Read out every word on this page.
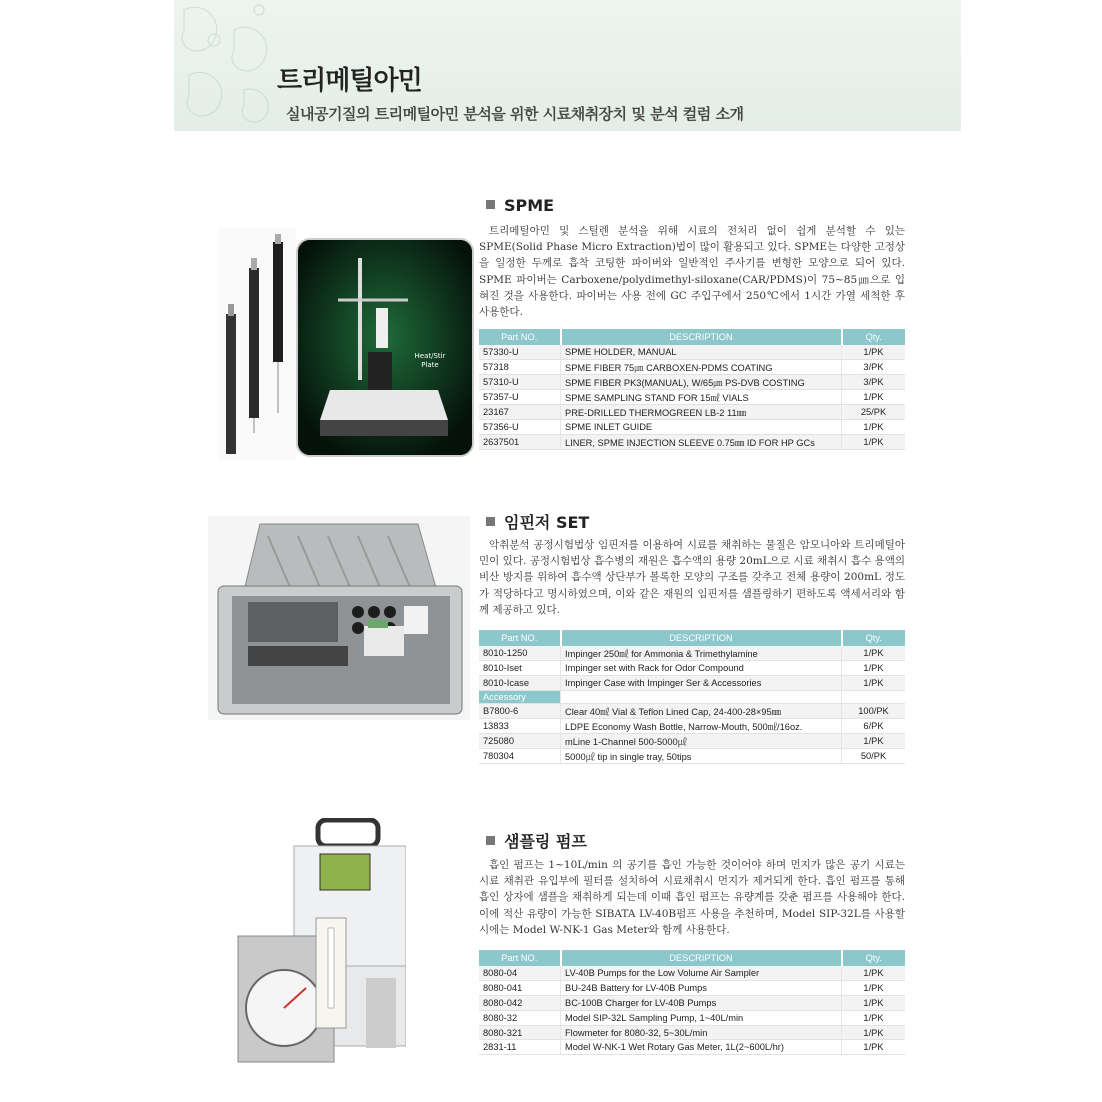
트리메틸아민
실내공기질의 트리메틸아민 분석을 위한 시료채취장치 및 분석 컬럼 소개
Heat/Stir Plate
SPME
트리메틸아민 및 스틸렌 분석을 위해 시료의 전처리 없이 쉽게 분석할 수 있는 SPME(Solid Phase Micro Extraction)법이 많이 활용되고 있다. SPME는 다양한 고정상을 일정한 두께로 흡착 코팅한 파이버와 일반적인 주사기를 변형한 모양으로 되어 있다. SPME 파이버는 Carboxene/polydimethyl-siloxane(CAR/PDMS)이 75~85㎛으로 입혀진 것을 사용한다. 파이버는 사용 전에 GC 주입구에서 250℃에서 1시간 가열 세척한 후 사용한다.
Part NO.	DESCRIPTION	Qty.
57330-U	SPME HOLDER, MANUAL	1/PK
57318	SPME FIBER 75㎛ CARBOXEN-PDMS COATING	3/PK
57310-U	SPME FIBER PK3(MANUAL), W/65㎛ PS-DVB COSTING	3/PK
57357-U	SPME SAMPLING STAND FOR 15㎖ VIALS	1/PK
23167	PRE-DRILLED THERMOGREEN LB-2 11㎜	25/PK
57356-U	SPME INLET GUIDE	1/PK
2637501	LINER, SPME INJECTION SLEEVE 0.75㎜ ID FOR HP GCs	1/PK
임핀저 SET
악취분석 공정시험법상 임핀저를 이용하여 시료를 채취하는 물질은 암모니아와 트리메틸아민이 있다. 공정시험법상 흡수병의 재원은 흡수액의 용량 20mL으로 시료 채취시 흡수 용액의 비산 방지를 위하여 흡수액 상단부가 볼록한 모양의 구조를 갖추고 전체 용량이 200mL 정도가 적당하다고 명시하였으며, 이와 같은 재원의 임핀저를 샘플링하기 편하도록 액세서리와 함께 제공하고 있다.
Part NO.	DESCRIPTION	Qty.
8010-1250	Impinger 250㎖ for Ammonia & Trimethylamine	1/PK
8010-Iset	Impinger set with Rack for Odor Compound	1/PK
8010-Icase	Impinger Case with Impinger Ser & Accessories	1/PK
Accessory		
B7800-6	Clear 40㎖ Vial & Teflon Lined Cap, 24-400-28×95㎜	100/PK
13833	LDPE Economy Wash Bottle, Narrow-Mouth, 500㎖/16oz.	6/PK
725080	mLine 1-Channel 500-5000㎕	1/PK
780304	5000㎕ tip in single tray, 50tips	50/PK
샘플링 펌프
흡인 펌프는 1~10L/min 의 공기를 흡인 가능한 것이어야 하며 먼지가 많은 공기 시료는 시료 채취관 유입부에 필터를 설치하여 시료채취시 먼지가 제거되게 한다. 흡인 펌프를 통해 흡인 상자에 샘플을 채취하게 되는데 이때 흡인 펌프는 유량계를 갖춘 펌프를 사용해야 한다. 이에 적산 유량이 가능한 SIBATA LV-40B펌프 사용을 추천하며, Model SIP-32L를 사용할 시에는 Model W-NK-1 Gas Meter와 함께 사용한다.
Part NO.	DESCRIPTION	Qty.
8080-04	LV-40B Pumps for the Low Volume Air Sampler	1/PK
8080-041	BU-24B Battery for LV-40B Pumps	1/PK
8080-042	BC-100B Charger for LV-40B Pumps	1/PK
8080-32	Model SIP-32L Sampling Pump, 1~40L/min	1/PK
8080-321	Flowmeter for 8080-32, 5~30L/min	1/PK
2831-11	Model W-NK-1 Wet Rotary Gas Meter, 1L(2~600L/hr)	1/PK
